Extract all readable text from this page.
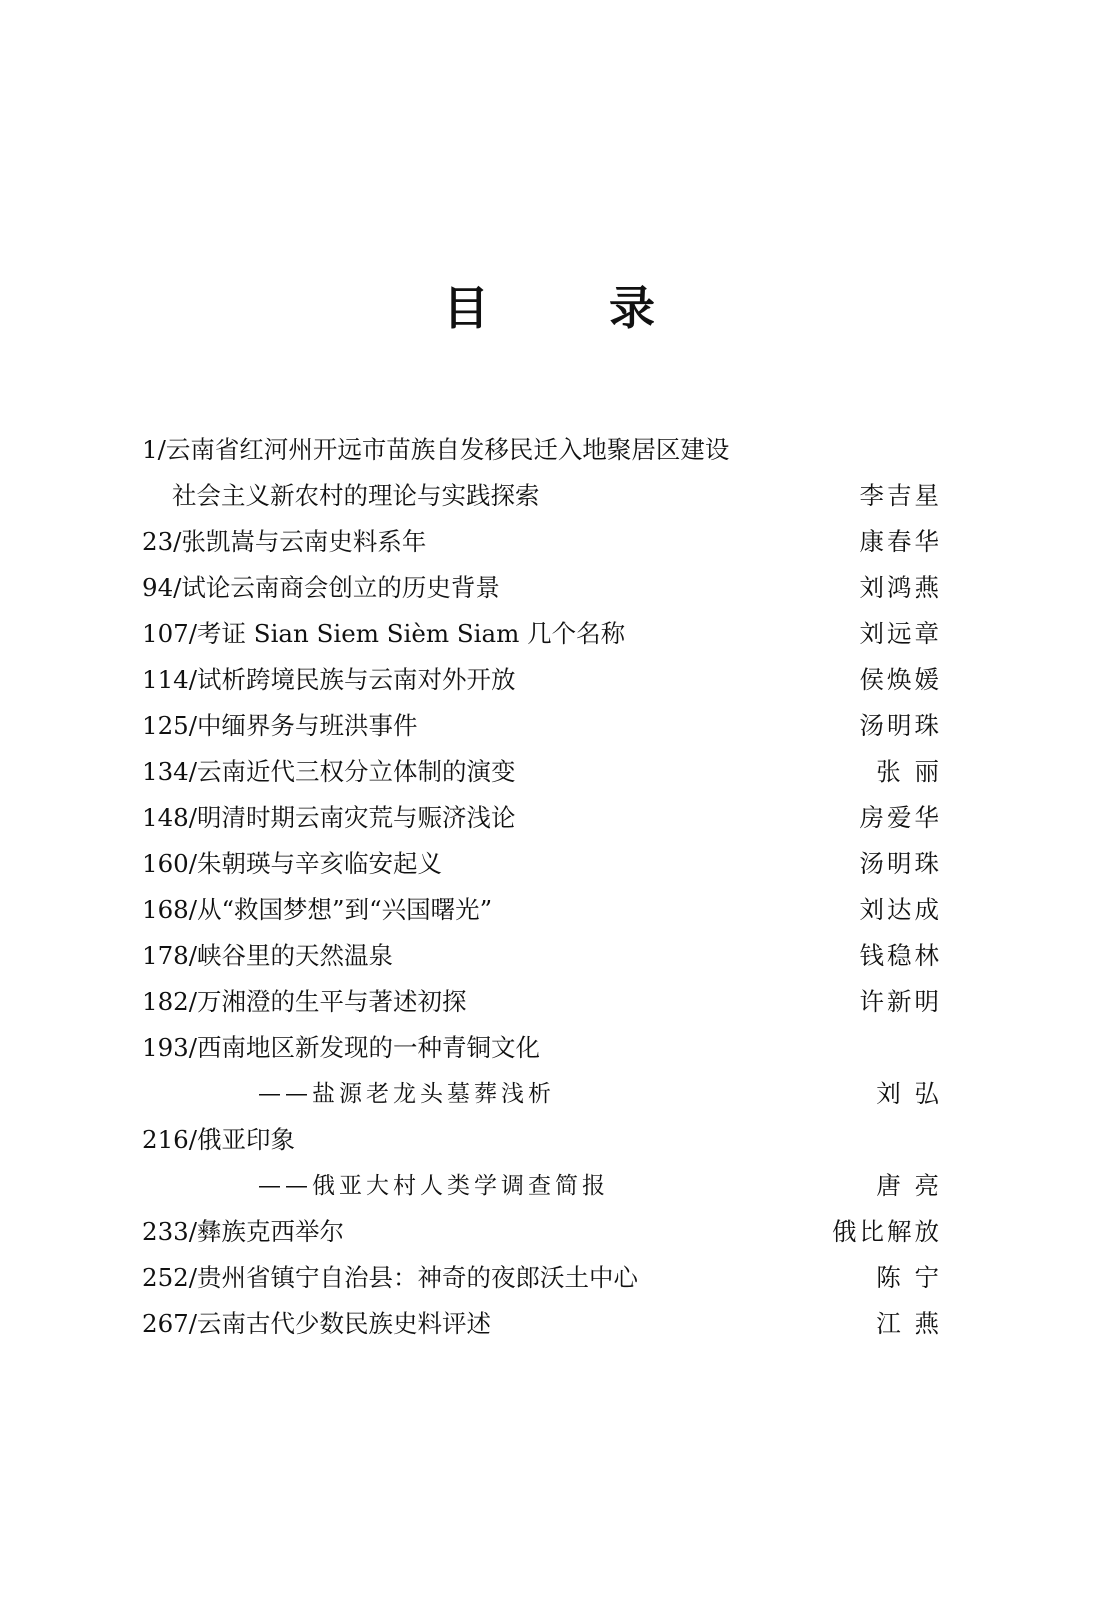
目 录
1/云南省红河州开远市苗族自发移民迁入地聚居区建设
社会主义新农村的理论与实践探索	李吉星
23/张凯嵩与云南史料系年	康春华
94/试论云南商会创立的历史背景	刘鸿燕
107/考证 Sian Siem Sièm Siam 几个名称	刘远章
114/试析跨境民族与云南对外开放	侯焕媛
125/中缅界务与班洪事件	汤明珠
134/云南近代三权分立体制的演变	张 丽
148/明清时期云南灾荒与赈济浅论	房爱华
160/朱朝瑛与辛亥临安起义	汤明珠
168/从“救国梦想”到“兴国曙光”	刘达成
178/峡谷里的天然温泉	钱稳林
182/万湘澄的生平与著述初探	许新明
193/西南地区新发现的一种青铜文化
——盐源老龙头墓葬浅析	刘 弘
216/俄亚印象
——俄亚大村人类学调查简报	唐 亮
233/彝族克西举尔	俄比解放
252/贵州省镇宁自治县：神奇的夜郎沃土中心	陈 宁
267/云南古代少数民族史料评述	江 燕
